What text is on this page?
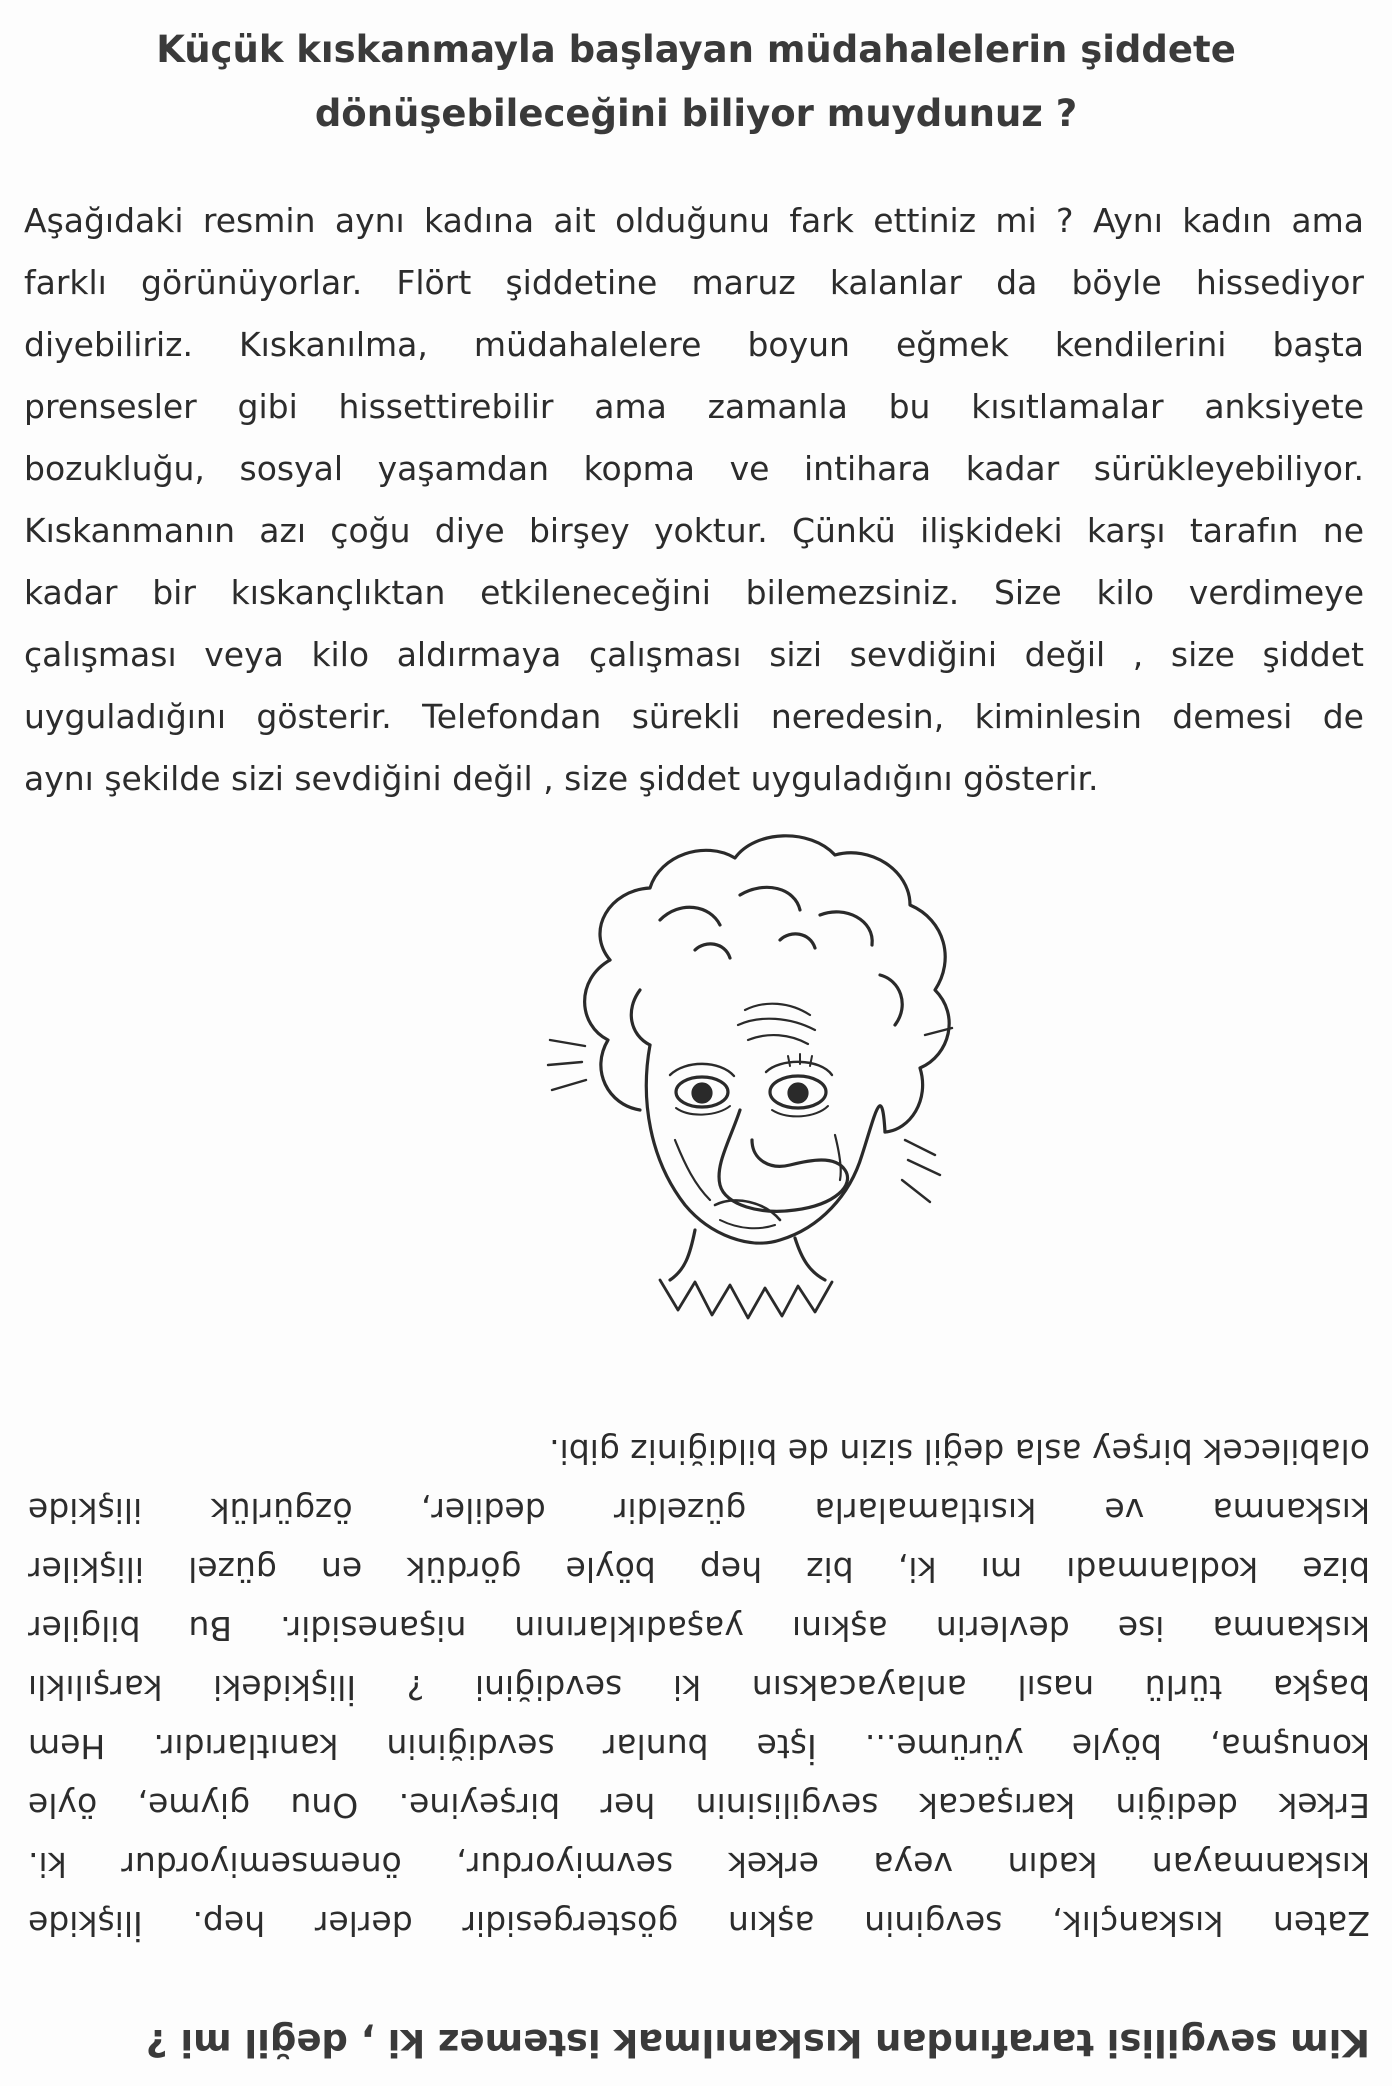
Küçük kıskanmayla başlayan müdahalelerin şiddete
dönüşebileceğini biliyor muydunuz ?
Aşağıdaki resmin aynı kadına ait olduğunu fark ettiniz mi ? Aynı kadın ama
farklı görünüyorlar. Flört şiddetine maruz kalanlar da böyle hissediyor
diyebiliriz. Kıskanılma, müdahalelere boyun eğmek kendilerini başta
prensesler gibi hissettirebilir ama zamanla bu kısıtlamalar anksiyete
bozukluğu, sosyal yaşamdan kopma ve intihara kadar sürükleyebiliyor.
Kıskanmanın azı çoğu diye birşey yoktur. Çünkü ilişkideki karşı tarafın ne
kadar bir kıskançlıktan etkileneceğini bilemezsiniz. Size kilo verdimeye
çalışması veya kilo aldırmaya çalışması sizi sevdiğini değil , size şiddet
uyguladığını gösterir. Telefondan sürekli neredesin, kiminlesin demesi de
aynı şekilde sizi sevdiğini değil , size şiddet uyguladığını gösterir.
Kim sevgilisi tarafından kıskanılmak istemez ki , değil mi ?
Zaten kıskançlık, sevginin aşkın göstergesidir derler hep. İlişkide
kıskanmayan kadın veya erkek sevmiyordur, önemsemiyordur ki.
Erkek dediğin karışacak sevgilisinin her birşeyine. Onu giyme, öyle
konuşma, böyle yürüme... İşte bunlar sevdiğinin kanıtlarıdır. Hem
başka türlü nasıl anlayacaksın ki sevdiğini ? İlişkideki karşılıklı
kıskanma ise devlerin aşkını yaşadıklarının nişanesidir. Bu bilgiler
bize kodlanmadı mı ki, biz hep böyle gördük en güzel ilişkiler
kıskanma ve kısıtlamalarla güzeldir dediler, özgürlük ilişkide
olabilecek birşey asla değil sizin de bildiğiniz gibi.
